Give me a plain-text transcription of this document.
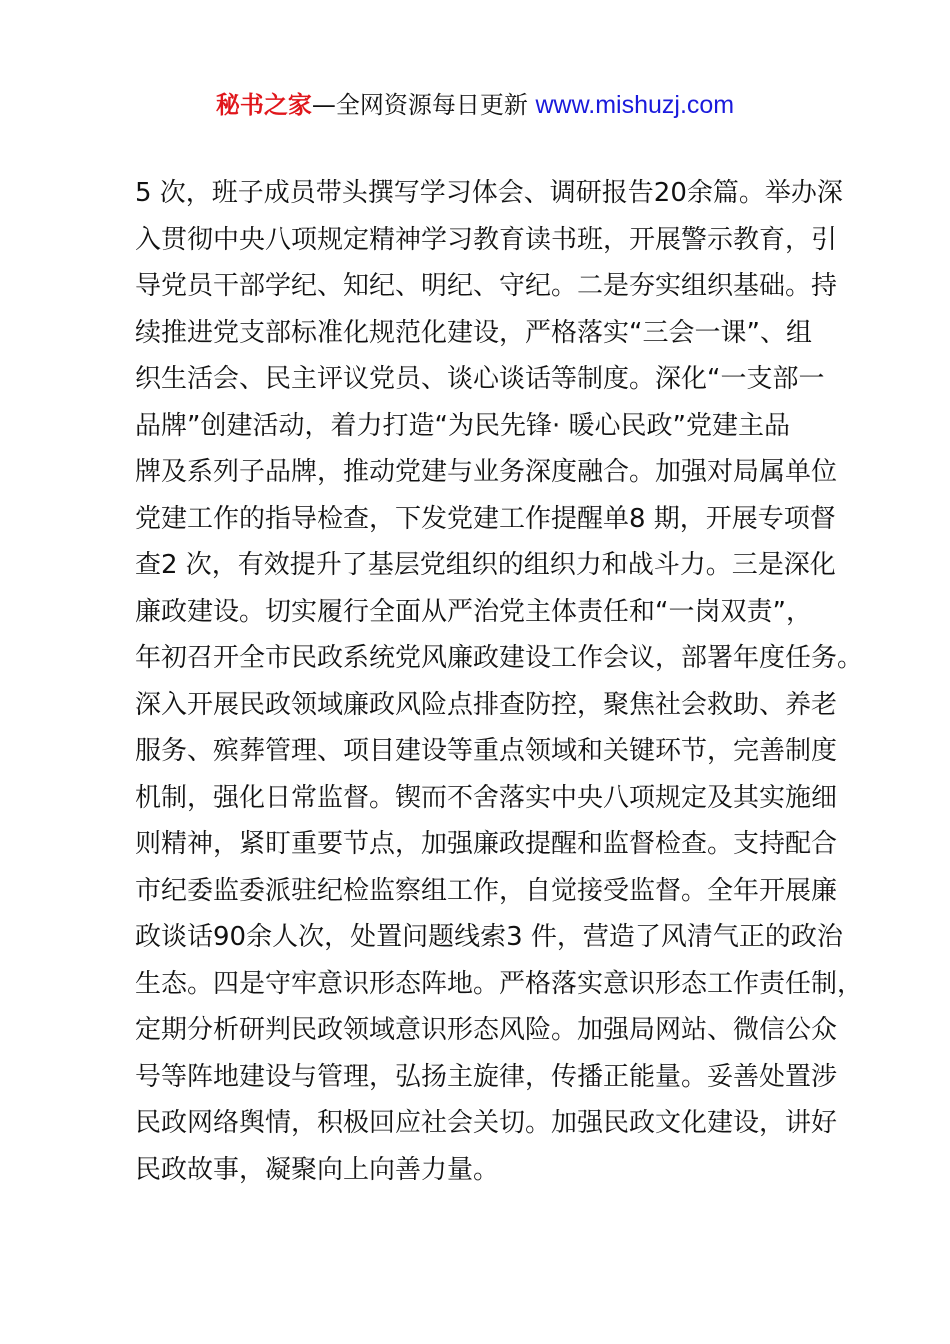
秘书之家—全网资源每日更新 www.mishuzj.com
5 次，班子成员带头撰写学习体会、调研报告20余篇。举办深
入贯彻中央八项规定精神学习教育读书班，开展警示教育，引
导党员干部学纪、知纪、明纪、守纪。二是夯实组织基础。持
续推进党支部标准化规范化建设，严格落实“三会一课”、组
织生活会、民主评议党员、谈心谈话等制度。深化“一支部一
品牌”创建活动，着力打造“为民先锋· 暖心民政”党建主品
牌及系列子品牌，推动党建与业务深度融合。加强对局属单位
党建工作的指导检查，下发党建工作提醒单8 期，开展专项督
查2 次，有效提升了基层党组织的组织力和战斗力。三是深化
廉政建设。切实履行全面从严治党主体责任和“一岗双责”，
年初召开全市民政系统党风廉政建设工作会议，部署年度任务。
深入开展民政领域廉政风险点排查防控，聚焦社会救助、养老
服务、殡葬管理、项目建设等重点领域和关键环节，完善制度
机制，强化日常监督。锲而不舍落实中央八项规定及其实施细
则精神，紧盯重要节点，加强廉政提醒和监督检查。支持配合
市纪委监委派驻纪检监察组工作，自觉接受监督。全年开展廉
政谈话90余人次，处置问题线索3 件，营造了风清气正的政治
生态。四是守牢意识形态阵地。严格落实意识形态工作责任制，
定期分析研判民政领域意识形态风险。加强局网站、微信公众
号等阵地建设与管理，弘扬主旋律，传播正能量。妥善处置涉
民政网络舆情，积极回应社会关切。加强民政文化建设，讲好
民政故事，凝聚向上向善力量。
